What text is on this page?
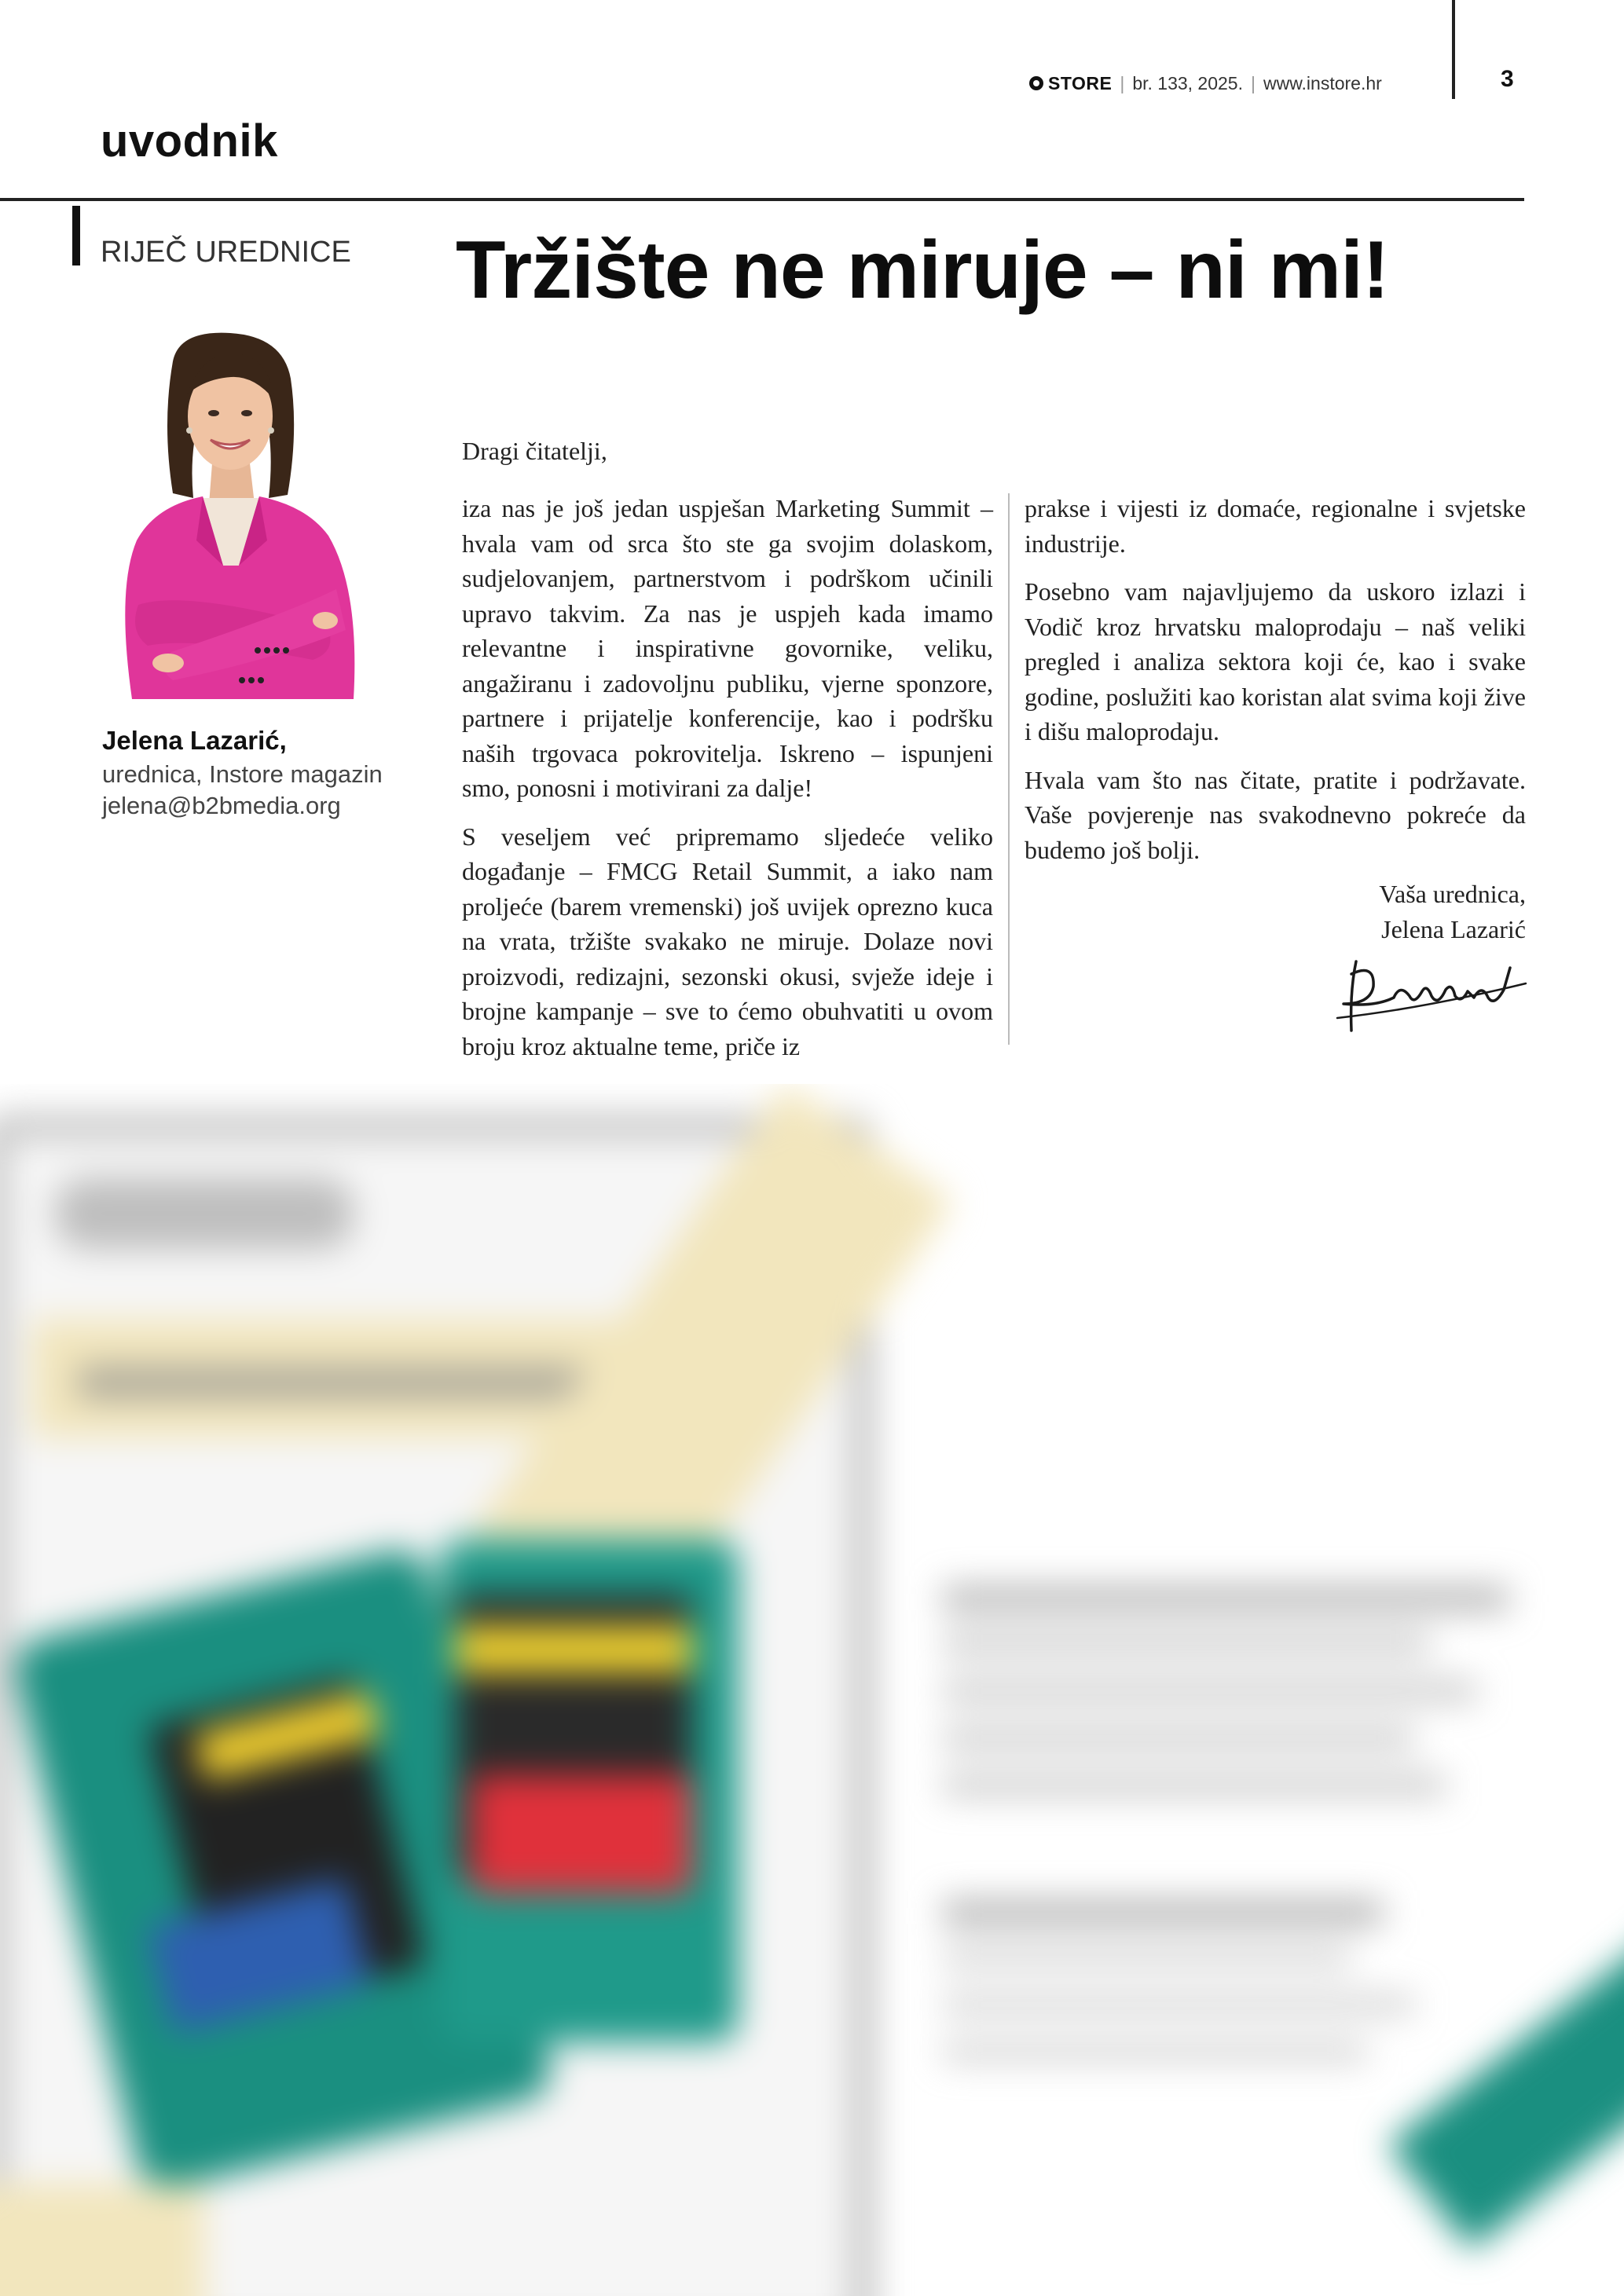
STORE | br. 133, 2025. | www.instore.hr	3
uvodnik
RIJEČ UREDNICE Tržište ne miruje – ni mi!
Jelena Lazarić,
urednica, Instore magazin
jelena@b2bmedia.org
Dragi čitatelji,

iza nas je još jedan uspješan Marketing Summit – hvala vam od srca što ste ga svojim dolaskom, sudjelovanjem, partnerstvom i podrškom učinili upravo takvim. Za nas je uspjeh kada imamo relevantne i inspirativne govornike, veliku, angažiranu i zadovoljnu publiku, vjerne sponzore, partnere i prijatelje konferencije, kao i podršku naših trgovaca pokrovitelja. Iskreno – ispunjeni smo, ponosni i motivirani za dalje!

S veseljem već pripremamo sljedeće veliko događanje – FMCG Retail Summit, a iako nam proljeće (barem vremenski) još uvijek oprezno kuca na vrata, tržište svakako ne miruje. Dolaze novi proizvodi, redizajni, sezonski okusi, svježe ideje i brojne kampanje – sve to ćemo obuhvatiti u ovom broju kroz aktualne teme, priče iz

prakse i vijesti iz domaće, regionalne i svjetske industrije.

Posebno vam najavljujemo da uskoro izlazi i Vodič kroz hrvatsku maloprodaju – naš veliki pregled i analiza sektora koji će, kao i svake godine, poslužiti kao koristan alat svima koji žive i dišu maloprodaju.

Hvala vam što nas čitate, pratite i podržavate. Vaše povjerenje nas svakodnevno pokreće da budemo još bolji.

Vaša urednica,
Jelena Lazarić
